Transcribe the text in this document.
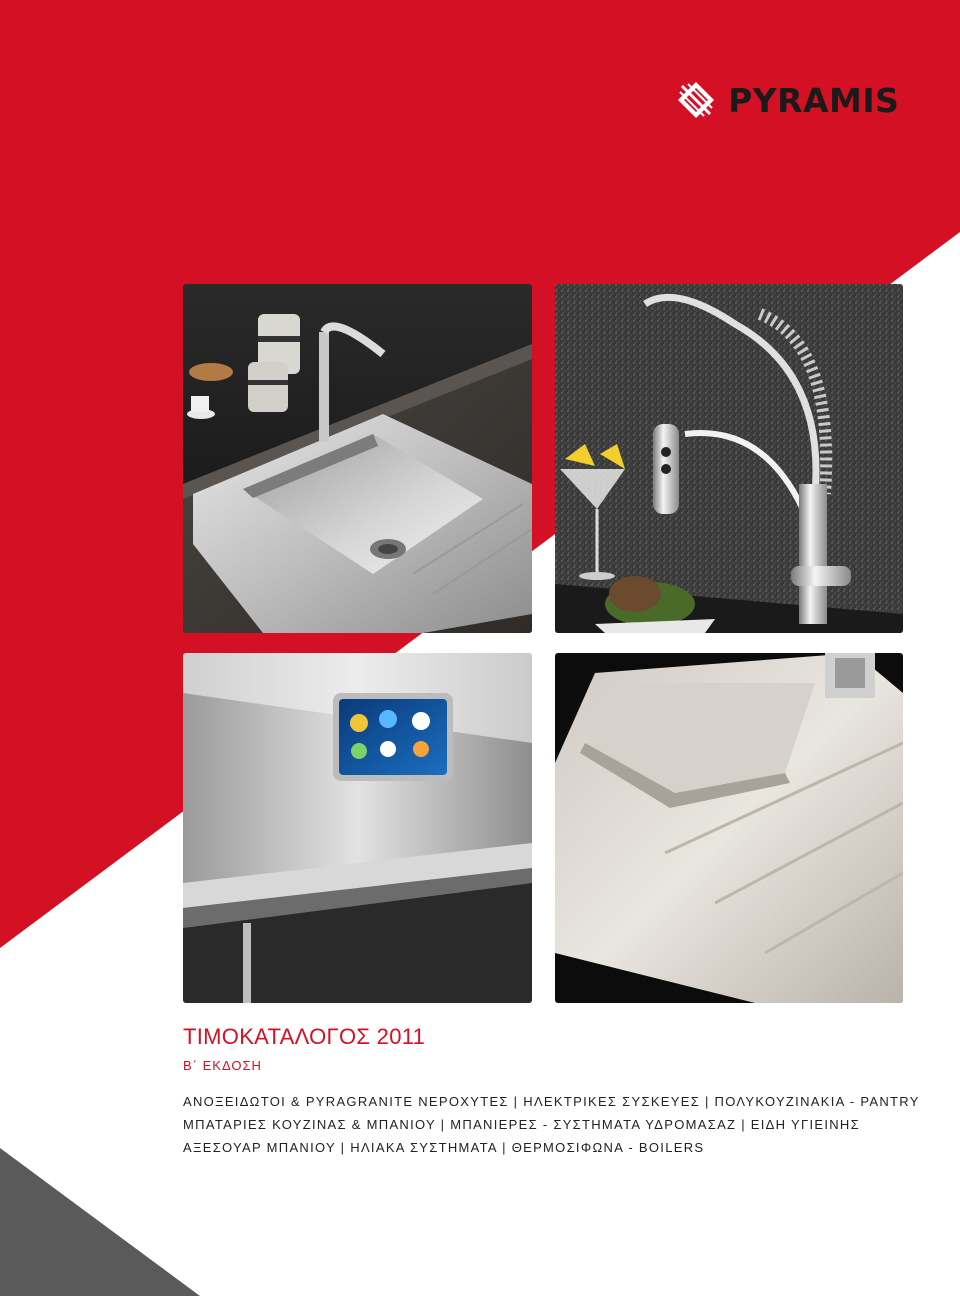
PYRAMIS
ΤΙΜΟΚΑΤΑΛΟΓΟΣ 2011
Β΄ ΕΚΔΟΣΗ
ΑΝΟΞΕΙΔΩΤΟΙ & PYRAGRANITE ΝΕΡΟΧΥΤΕΣ | ΗΛΕΚΤΡΙΚΕΣ ΣΥΣΚΕΥΕΣ | ΠΟΛΥΚΟΥΖΙΝΑΚΙΑ - PANTRY
ΜΠΑΤΑΡΙΕΣ ΚΟΥΖΙΝΑΣ & ΜΠΑΝΙΟΥ | ΜΠΑΝΙΕΡΕΣ - ΣΥΣΤΗΜΑΤΑ ΥΔΡΟΜΑΣΑΖ | ΕΙΔΗ ΥΓΙΕΙΝΗΣ
ΑΞΕΣΟΥΑΡ ΜΠΑΝΙΟΥ | ΗΛΙΑΚΑ ΣΥΣΤΗΜΑΤΑ | ΘΕΡΜΟΣΙΦΩΝΑ - BOILERS
